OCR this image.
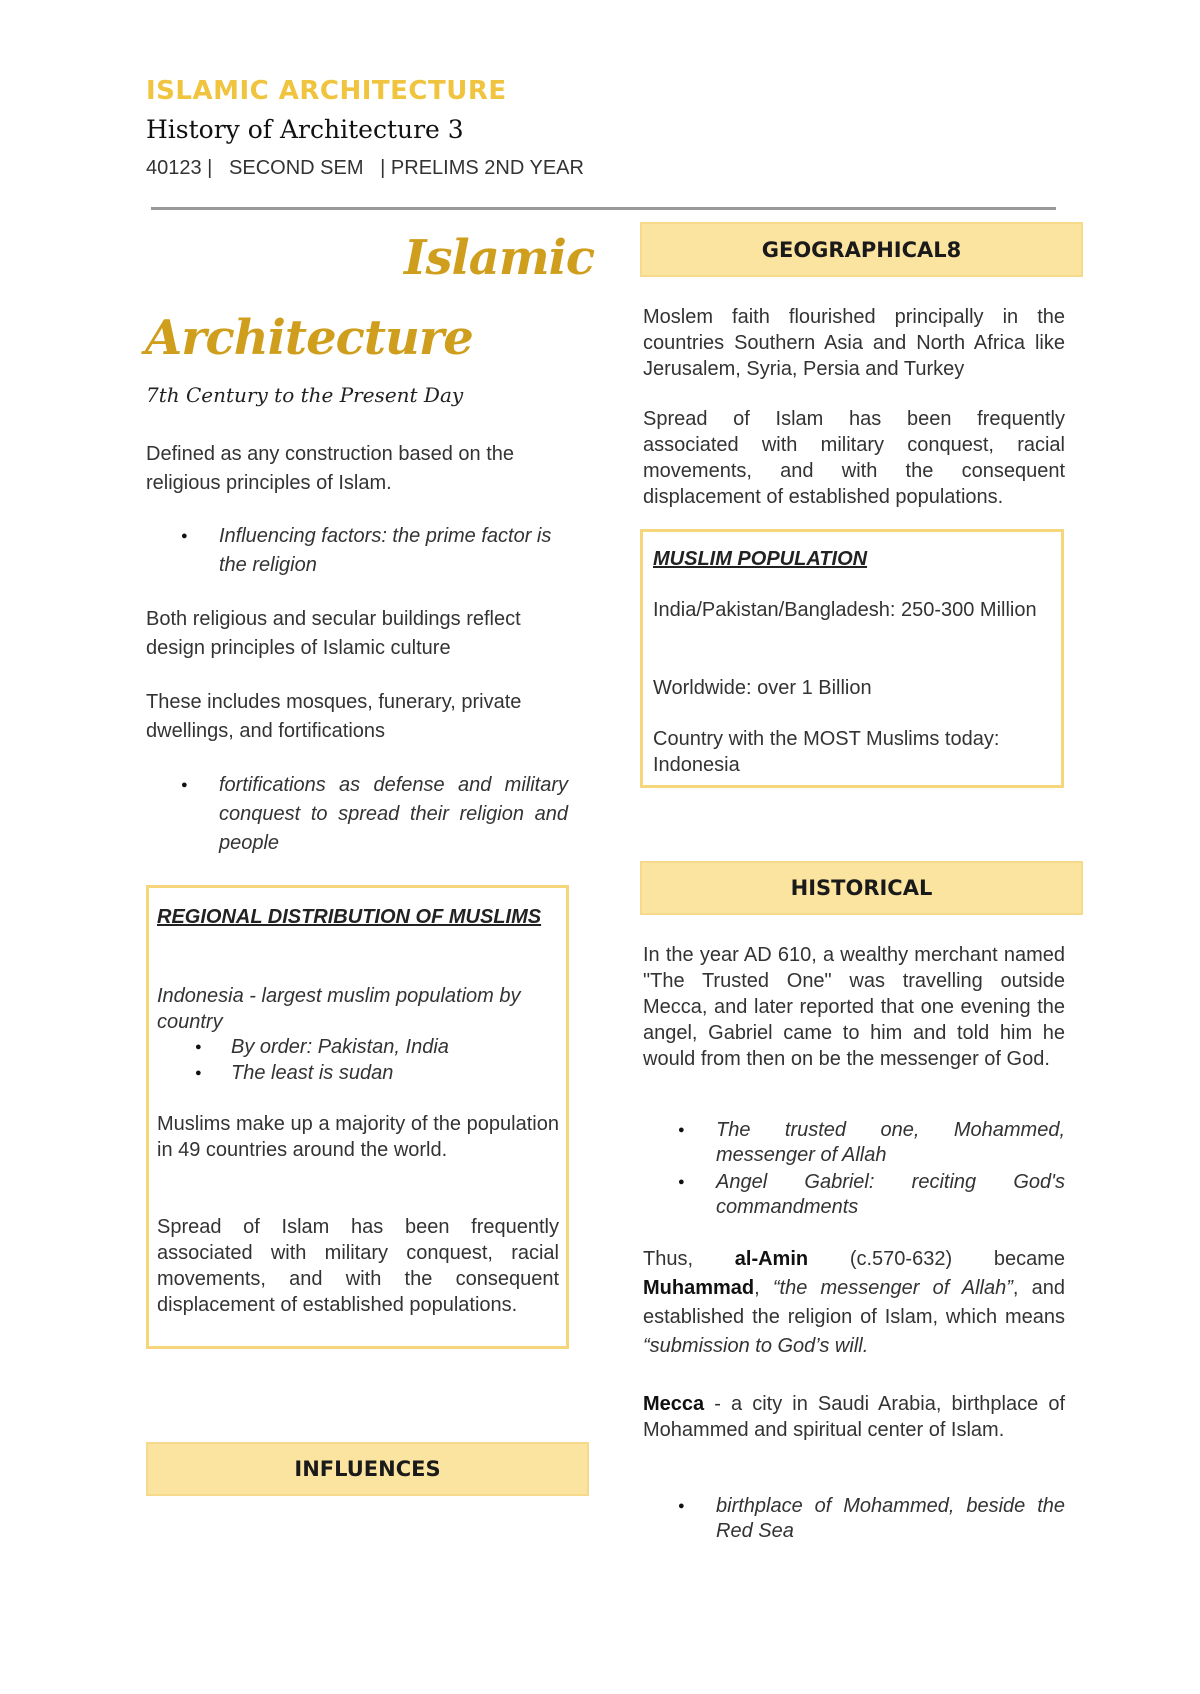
ISLAMIC ARCHITECTURE
History of Architecture 3
40123 |   SECOND SEM   | PRELIMS 2ND YEAR
Islamic
Architecture
7th Century to the Present Day
Defined as any construction based on the religious principles of Islam.
● Influencing factors: the prime factor is the religion
Both religious and secular buildings reflect design principles of Islamic culture
These includes mosques, funerary, private dwellings, and fortifications
● fortifications as defense and military conquest to spread their religion and people
REGIONAL DISTRIBUTION OF MUSLIMS
Indonesia - largest muslim populatiom by country
● By order: Pakistan, India
● The least is sudan
Muslims make up a majority of the population in 49 countries around the world.
Spread of Islam has been frequently associated with military conquest, racial movements, and with the consequent displacement of established populations.
INFLUENCES
GEOGRAPHICAL8
Moslem faith flourished principally in the countries Southern Asia and North Africa like Jerusalem, Syria, Persia and Turkey
Spread of Islam has been frequently associated with military conquest, racial movements, and with the consequent displacement of established populations.
MUSLIM POPULATION
India/Pakistan/Bangladesh: 250-300 Million
Worldwide: over 1 Billion
Country with the MOST Muslims today: Indonesia
HISTORICAL
In the year AD 610, a wealthy merchant named "The Trusted One" was travelling outside Mecca, and later reported that one evening the angel, Gabriel came to him and told him he would from then on be the messenger of God.
● The trusted one, Mohammed, messenger of Allah
● Angel Gabriel: reciting God's commandments
Thus, al-Amin (c.570-632) became Muhammad, “the messenger of Allah”, and established the religion of Islam, which means “submission to God’s will.
Mecca - a city in Saudi Arabia, birthplace of Mohammed and spiritual center of Islam.
● birthplace of Mohammed, beside the Red Sea
